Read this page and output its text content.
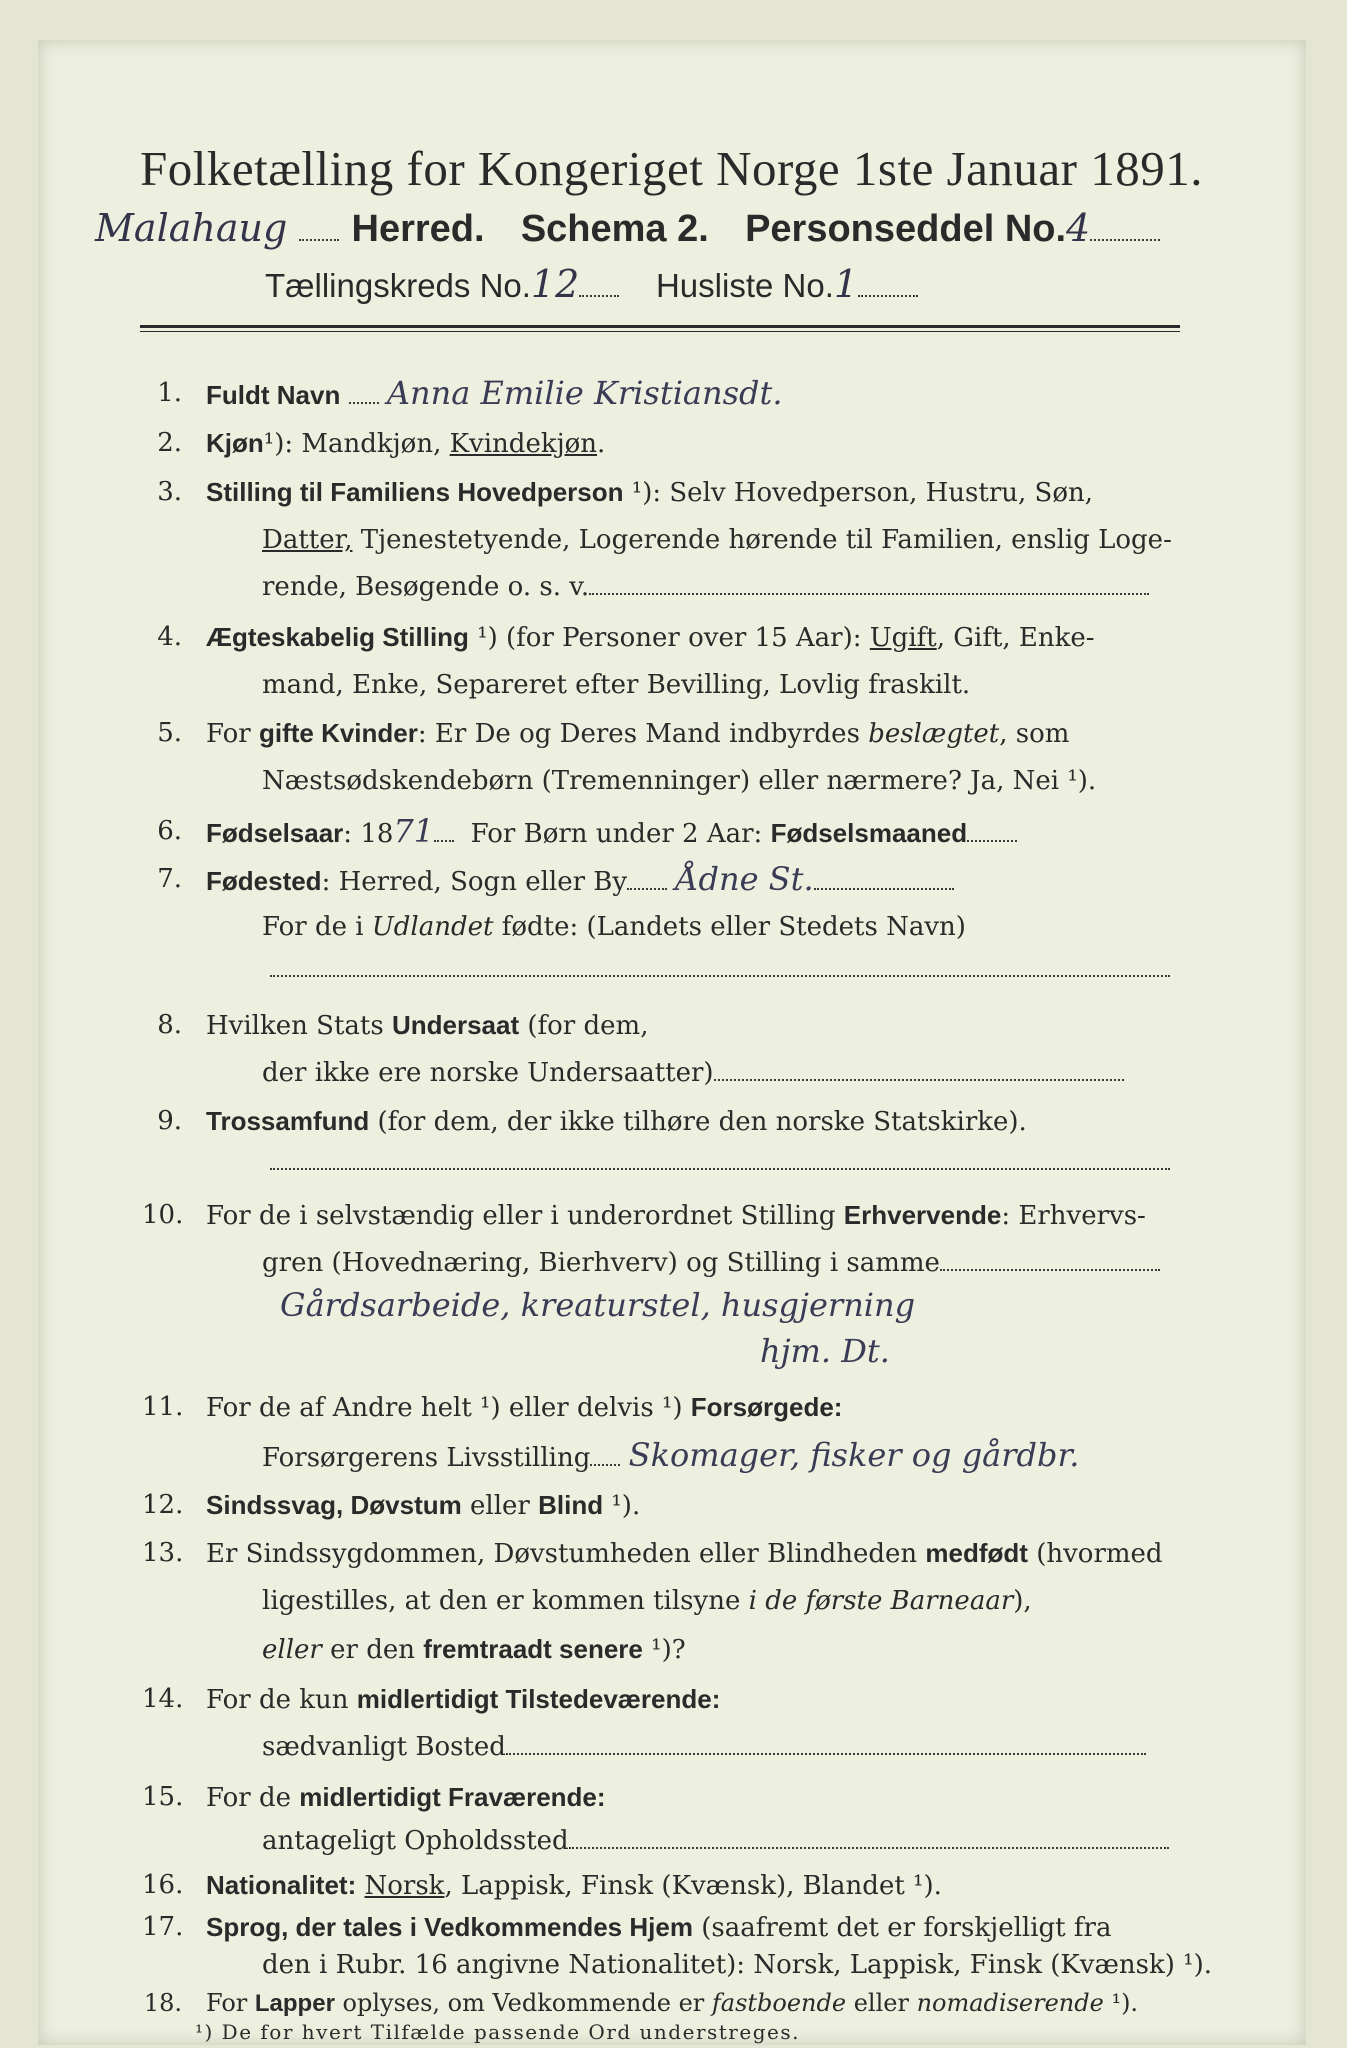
Folketælling for Kongeriget Norge 1ste Januar 1891.
Malahaug Herred. Schema 2. Personseddel No.4
Tællingskreds No.12 Husliste No.1
1. Fuldt Navn Anna Emilie Kristiansdt.
2. Kjøn¹): Mandkjøn, Kvindekjøn.
3. Stilling til Familiens Hovedperson ¹): Selv Hovedperson, Hustru, Søn,
Datter, Tjenestetyende, Logerende hørende til Familien, enslig Loge-
rende, Besøgende o. s. v.
4. Ægteskabelig Stilling ¹) (for Personer over 15 Aar): Ugift, Gift, Enke-
mand, Enke, Separeret efter Bevilling, Lovlig fraskilt.
5. For gifte Kvinder: Er De og Deres Mand indbyrdes beslægtet, som
Næstsødskendebørn (Tremenninger) eller nærmere? Ja, Nei ¹).
6. Fødselsaar: 1871 For Børn under 2 Aar: Fødselsmaaned
7. Fødested: Herred, Sogn eller By Ådne St.
For de i Udlandet fødte: (Landets eller Stedets Navn)
8. Hvilken Stats Undersaat (for dem,
der ikke ere norske Undersaatter)
9. Trossamfund (for dem, der ikke tilhøre den norske Statskirke).
10. For de i selvstændig eller i underordnet Stilling Erhvervende: Erhvervs-
gren (Hovednæring, Bierhverv) og Stilling i samme
Gårdsarbeide, kreaturstel, husgjerning
hjm. Dt.
11. For de af Andre helt ¹) eller delvis ¹) Forsørgede:
Forsørgerens Livsstilling Skomager, fisker og gårdbr.
12. Sindssvag, Døvstum eller Blind ¹).
13. Er Sindssygdommen, Døvstumheden eller Blindheden medfødt (hvormed
ligestilles, at den er kommen tilsyne i de første Barneaar),
eller er den fremtraadt senere ¹)?
14. For de kun midlertidigt Tilstedeværende:
sædvanligt Bosted
15. For de midlertidigt Fraværende:
antageligt Opholdssted
16. Nationalitet: Norsk, Lappisk, Finsk (Kvænsk), Blandet ¹).
17. Sprog, der tales i Vedkommendes Hjem (saafremt det er forskjelligt fra
den i Rubr. 16 angivne Nationalitet): Norsk, Lappisk, Finsk (Kvænsk) ¹).
18. For Lapper oplyses, om Vedkommende er fastboende eller nomadiserende ¹).
¹) De for hvert Tilfælde passende Ord understreges.
